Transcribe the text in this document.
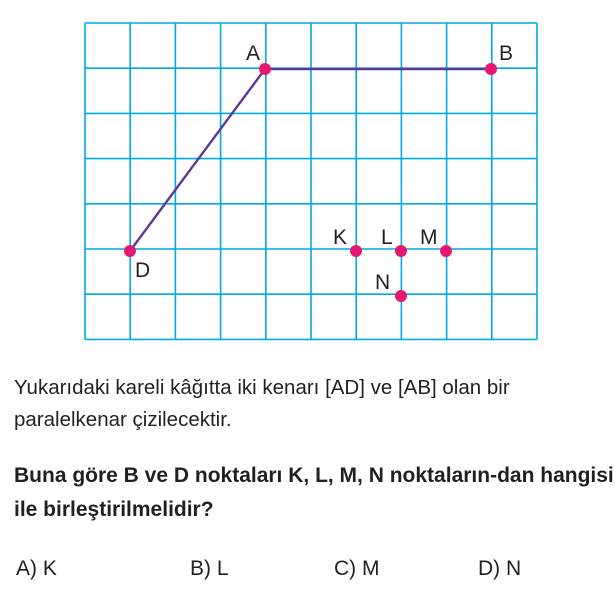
A	B
D
K L M
N

Yukarıdaki kareli kâğıtta iki kenarı [AD] ve [AB] olan bir paralelkenar çizilecektir.

Buna göre B ve D noktaları K, L, M, N noktaların-dan hangisi ile birleştirilmelidir?

A) K	B) L	C) M	D) N
